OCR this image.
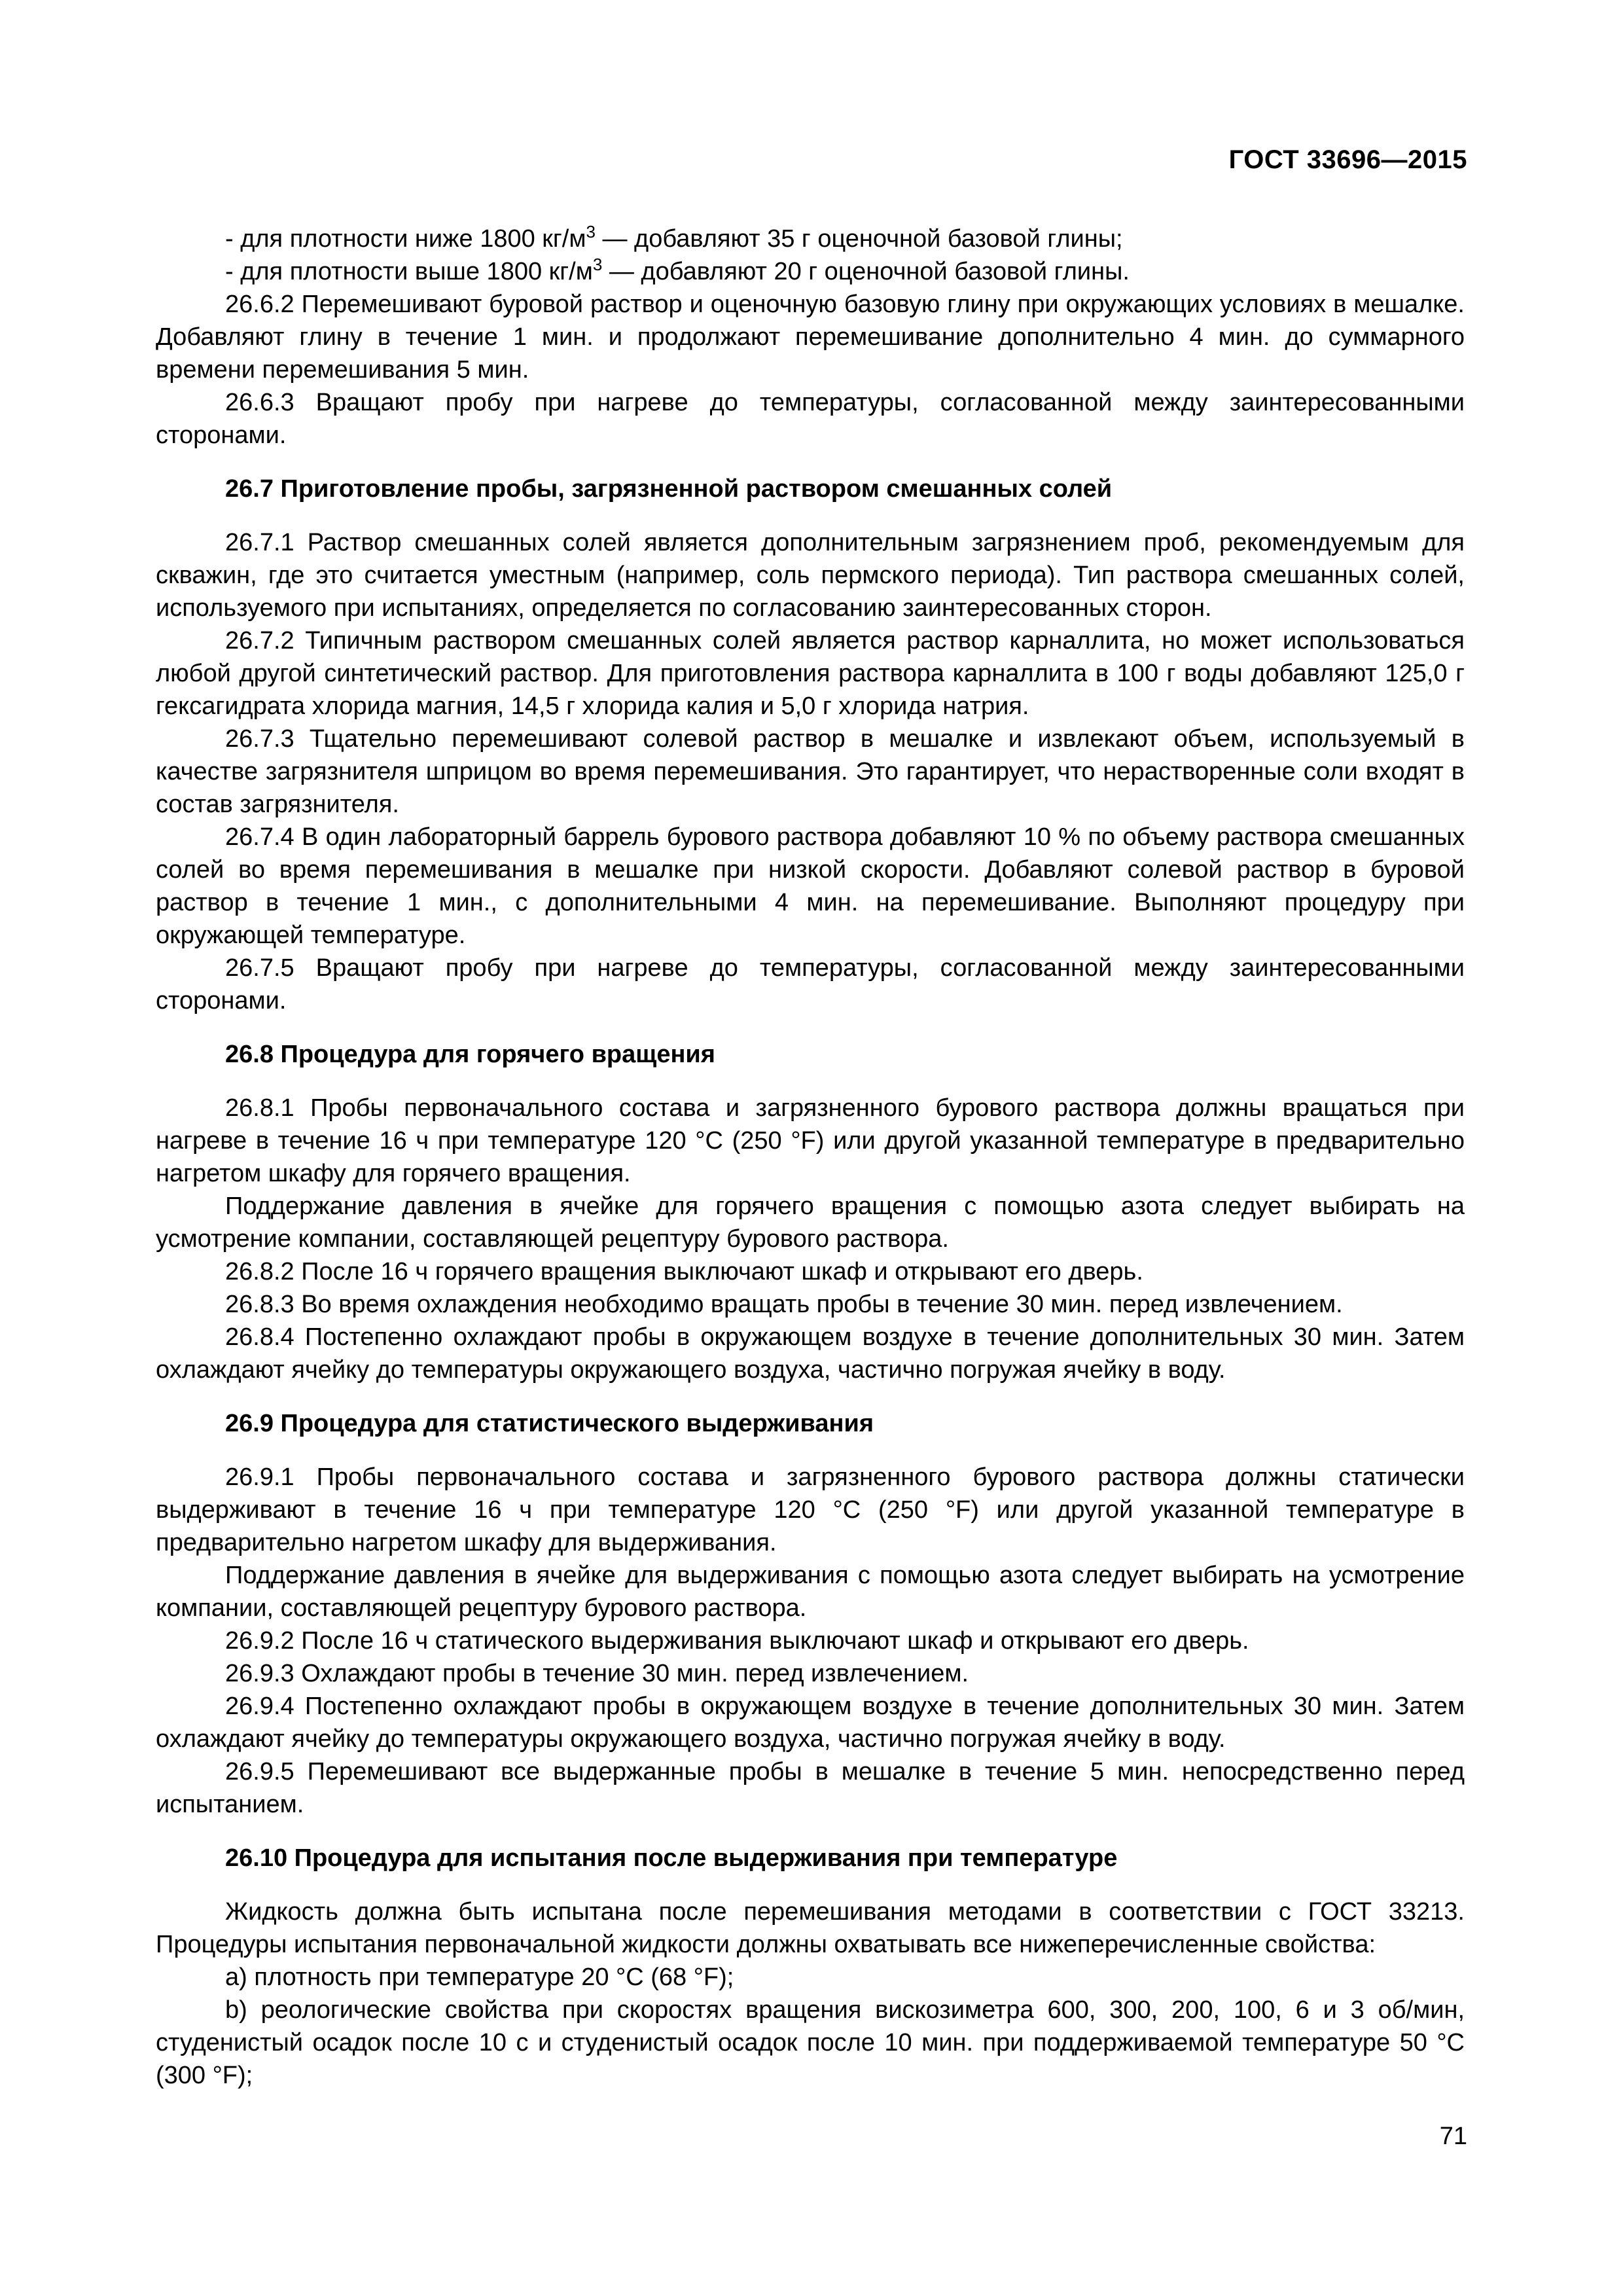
ГОСТ 33696—2015

- для плотности ниже 1800 $кг/м^3$ — добавляют 35 г оценочной базовой глины;

- для плотности выше 1800 $кг/м^3$ — добавляют 20 г оценочной базовой глины.

26.6.2 Перемешивают буровой раствор и оценочную базовую глину при окружающих условиях в мешалке. Добавляют глину в течение 1 мин. и продолжают перемешивание дополнительно 4 мин. до суммарного времени перемешивания 5 мин.

26.6.3 Вращают пробу при нагреве до температуры, согласованной между заинтересованными сторонами.

26.7 Приготовление пробы, загрязненной раствором смешанных солей

26.7.1 Раствор смешанных солей является дополнительным загрязнением проб, рекомендуемым для скважин, где это считается уместным (например, соль пермского периода). Тип раствора смешанных солей, используемого при испытаниях, определяется по согласованию заинтересованных сторон.

26.7.2 Типичным раствором смешанных солей является раствор карналлита, но может использоваться любой другой синтетический раствор. Для приготовления раствора карналлита в 100 г воды добавляют 125,0 г гексагидрата хлорида магния, 14,5 г хлорида калия и 5,0 г хлорида натрия.

26.7.3 Тщательно перемешивают солевой раствор в мешалке и извлекают объем, используемый в качестве загрязнителя шприцом во время перемешивания. Это гарантирует, что нерастворенные соли входят в состав загрязнителя.

26.7.4 В один лабораторный баррель бурового раствора добавляют 10 % по объему раствора смешанных солей во время перемешивания в мешалке при низкой скорости. Добавляют солевой раствор в буровой раствор в течение 1 мин., с дополнительными 4 мин. на перемешивание. Выполняют процедуру при окружающей температуре.

26.7.5 Вращают пробу при нагреве до температуры, согласованной между заинтересованными сторонами.

26.8 Процедура для горячего вращения

26.8.1 Пробы первоначального состава и загрязненного бурового раствора должны вращаться при нагреве в течение 16 ч при температуре 120 °С (250 °F) или другой указанной температуре в предварительно нагретом шкафу для горячего вращения.

Поддержание давления в ячейке для горячего вращения с помощью азота следует выбирать на усмотрение компании, составляющей рецептуру бурового раствора.

26.8.2 После 16 ч горячего вращения выключают шкаф и открывают его дверь.

26.8.3 Во время охлаждения необходимо вращать пробы в течение 30 мин. перед извлечением.

26.8.4 Постепенно охлаждают пробы в окружающем воздухе в течение дополнительных 30 мин. Затем охлаждают ячейку до температуры окружающего воздуха, частично погружая ячейку в воду.

26.9 Процедура для статистического выдерживания

26.9.1 Пробы первоначального состава и загрязненного бурового раствора должны статически выдерживают в течение 16 ч при температуре 120 °С (250 °F) или другой указанной температуре в предварительно нагретом шкафу для выдерживания.

Поддержание давления в ячейке для выдерживания с помощью азота следует выбирать на усмотрение компании, составляющей рецептуру бурового раствора.

26.9.2 После 16 ч статического выдерживания выключают шкаф и открывают его дверь.

26.9.3 Охлаждают пробы в течение 30 мин. перед извлечением.

26.9.4 Постепенно охлаждают пробы в окружающем воздухе в течение дополнительных 30 мин. Затем охлаждают ячейку до температуры окружающего воздуха, частично погружая ячейку в воду.

26.9.5 Перемешивают все выдержанные пробы в мешалке в течение 5 мин. непосредственно перед испытанием.

26.10 Процедура для испытания после выдерживания при температуре

Жидкость должна быть испытана после перемешивания методами в соответствии с ГОСТ 33213. Процедуры испытания первоначальной жидкости должны охватывать все нижеперечисленные свойства:

a) плотность при температуре 20 °С (68 °F);

b) реологические свойства при скоростях вращения вискозиметра 600, 300, 200, 100, 6 и 3 об/мин, студенистый осадок после 10 с и студенистый осадок после 10 мин. при поддерживаемой температуре 50 °С (300 °F);

71
